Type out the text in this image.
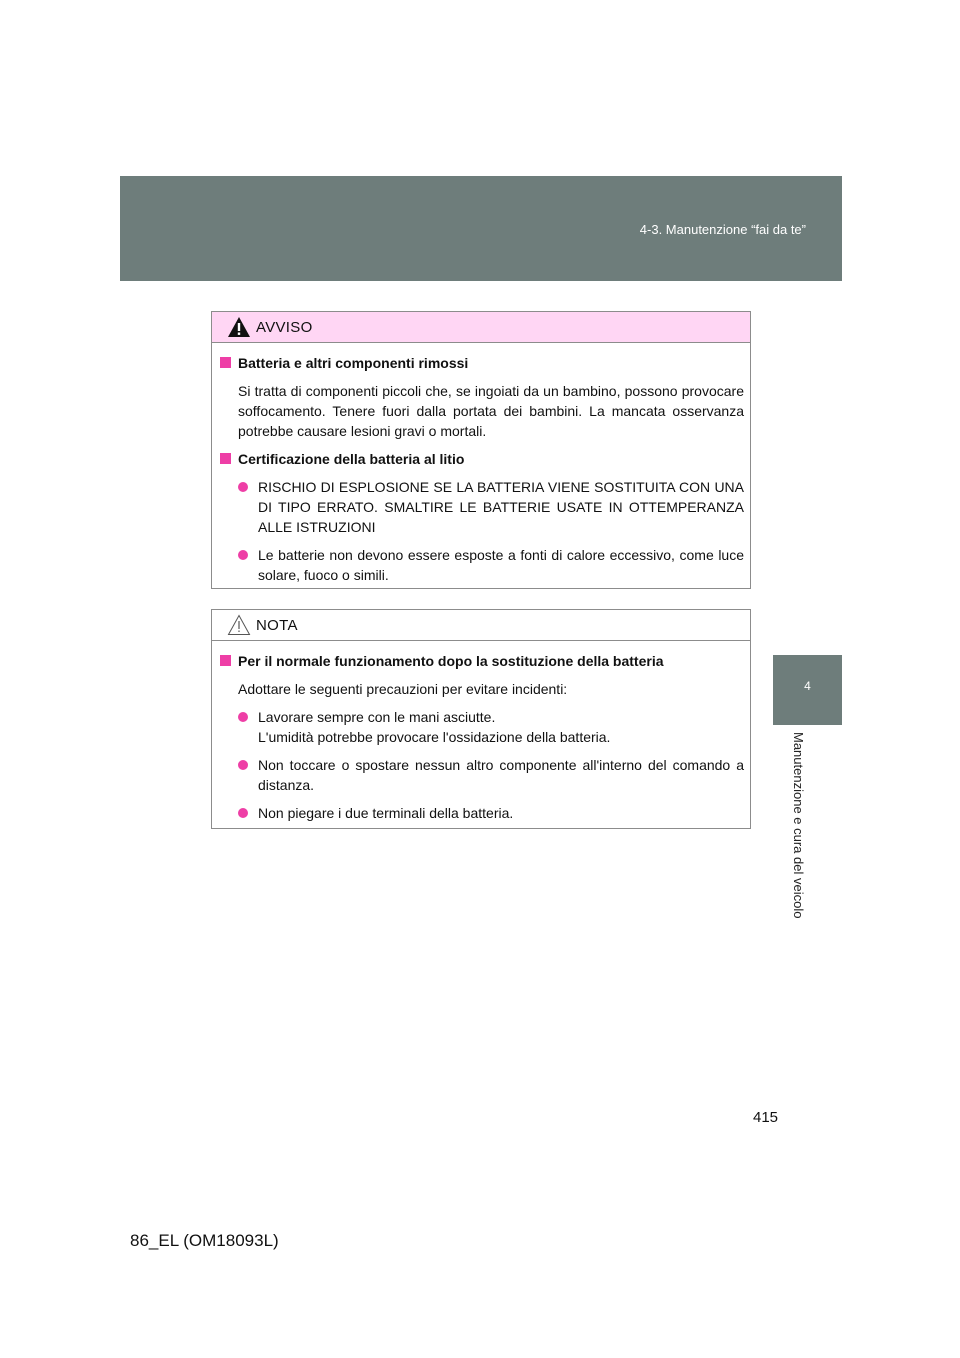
4-3. Manutenzione “fai da te”
4
Manutenzione e cura del veicolo
AVVISO
Batteria e altri componenti rimossi
Si tratta di componenti piccoli che, se ingoiati da un bambino, possono provocare soffocamento. Tenere fuori dalla portata dei bambini. La mancata osservanza potrebbe causare lesioni gravi o mortali.
Certificazione della batteria al litio
RISCHIO DI ESPLOSIONE SE LA BATTERIA VIENE SOSTITUITA CON UNA DI TIPO ERRATO. SMALTIRE LE BATTERIE USATE IN OTTEMPERANZA ALLE ISTRUZIONI
Le batterie non devono essere esposte a fonti di calore eccessivo, come luce solare, fuoco o simili.
NOTA
Per il normale funzionamento dopo la sostituzione della batteria
Adottare le seguenti precauzioni per evitare incidenti:
Lavorare sempre con le mani asciutte.
L'umidità potrebbe provocare l'ossidazione della batteria.
Non toccare o spostare nessun altro componente all'interno del comando a distanza.
Non piegare i due terminali della batteria.
415
86_EL (OM18093L)
